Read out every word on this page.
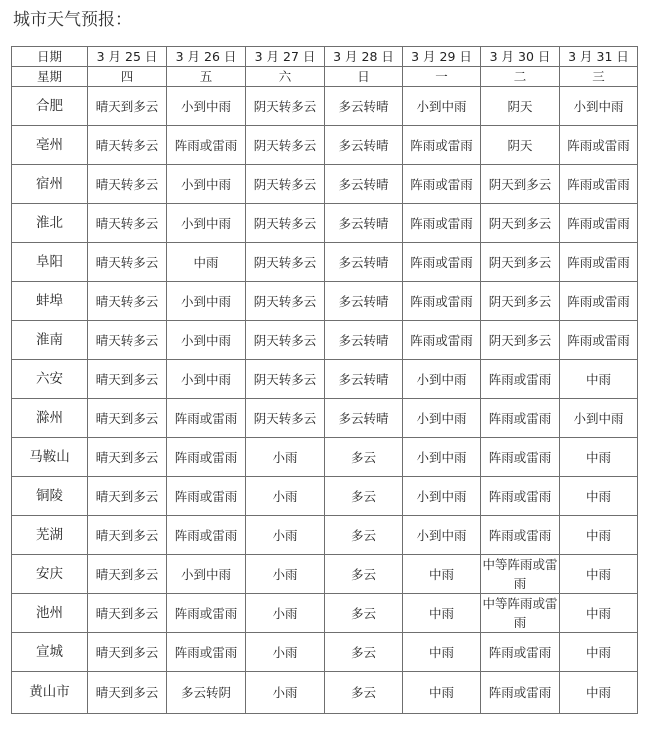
城市天气预报：
日期	3 月 25 日	3 月 26 日	3 月 27 日	3 月 28 日	3 月 29 日	3 月 30 日	3 月 31 日
星期	四	五	六	日	一	二	三
合肥	晴天到多云	小到中雨	阴天转多云	多云转晴	小到中雨	阴天	小到中雨
亳州	晴天转多云	阵雨或雷雨	阴天转多云	多云转晴	阵雨或雷雨	阴天	阵雨或雷雨
宿州	晴天转多云	小到中雨	阴天转多云	多云转晴	阵雨或雷雨	阴天到多云	阵雨或雷雨
淮北	晴天转多云	小到中雨	阴天转多云	多云转晴	阵雨或雷雨	阴天到多云	阵雨或雷雨
阜阳	晴天转多云	中雨	阴天转多云	多云转晴	阵雨或雷雨	阴天到多云	阵雨或雷雨
蚌埠	晴天转多云	小到中雨	阴天转多云	多云转晴	阵雨或雷雨	阴天到多云	阵雨或雷雨
淮南	晴天转多云	小到中雨	阴天转多云	多云转晴	阵雨或雷雨	阴天到多云	阵雨或雷雨
六安	晴天到多云	小到中雨	阴天转多云	多云转晴	小到中雨	阵雨或雷雨	中雨
滁州	晴天到多云	阵雨或雷雨	阴天转多云	多云转晴	小到中雨	阵雨或雷雨	小到中雨
马鞍山	晴天到多云	阵雨或雷雨	小雨	多云	小到中雨	阵雨或雷雨	中雨
铜陵	晴天到多云	阵雨或雷雨	小雨	多云	小到中雨	阵雨或雷雨	中雨
芜湖	晴天到多云	阵雨或雷雨	小雨	多云	小到中雨	阵雨或雷雨	中雨
安庆	晴天到多云	小到中雨	小雨	多云	中雨	中等阵雨或雷雨	中雨
池州	晴天到多云	阵雨或雷雨	小雨	多云	中雨	中等阵雨或雷雨	中雨
宣城	晴天到多云	阵雨或雷雨	小雨	多云	中雨	阵雨或雷雨	中雨
黄山市	晴天到多云	多云转阴	小雨	多云	中雨	阵雨或雷雨	中雨
